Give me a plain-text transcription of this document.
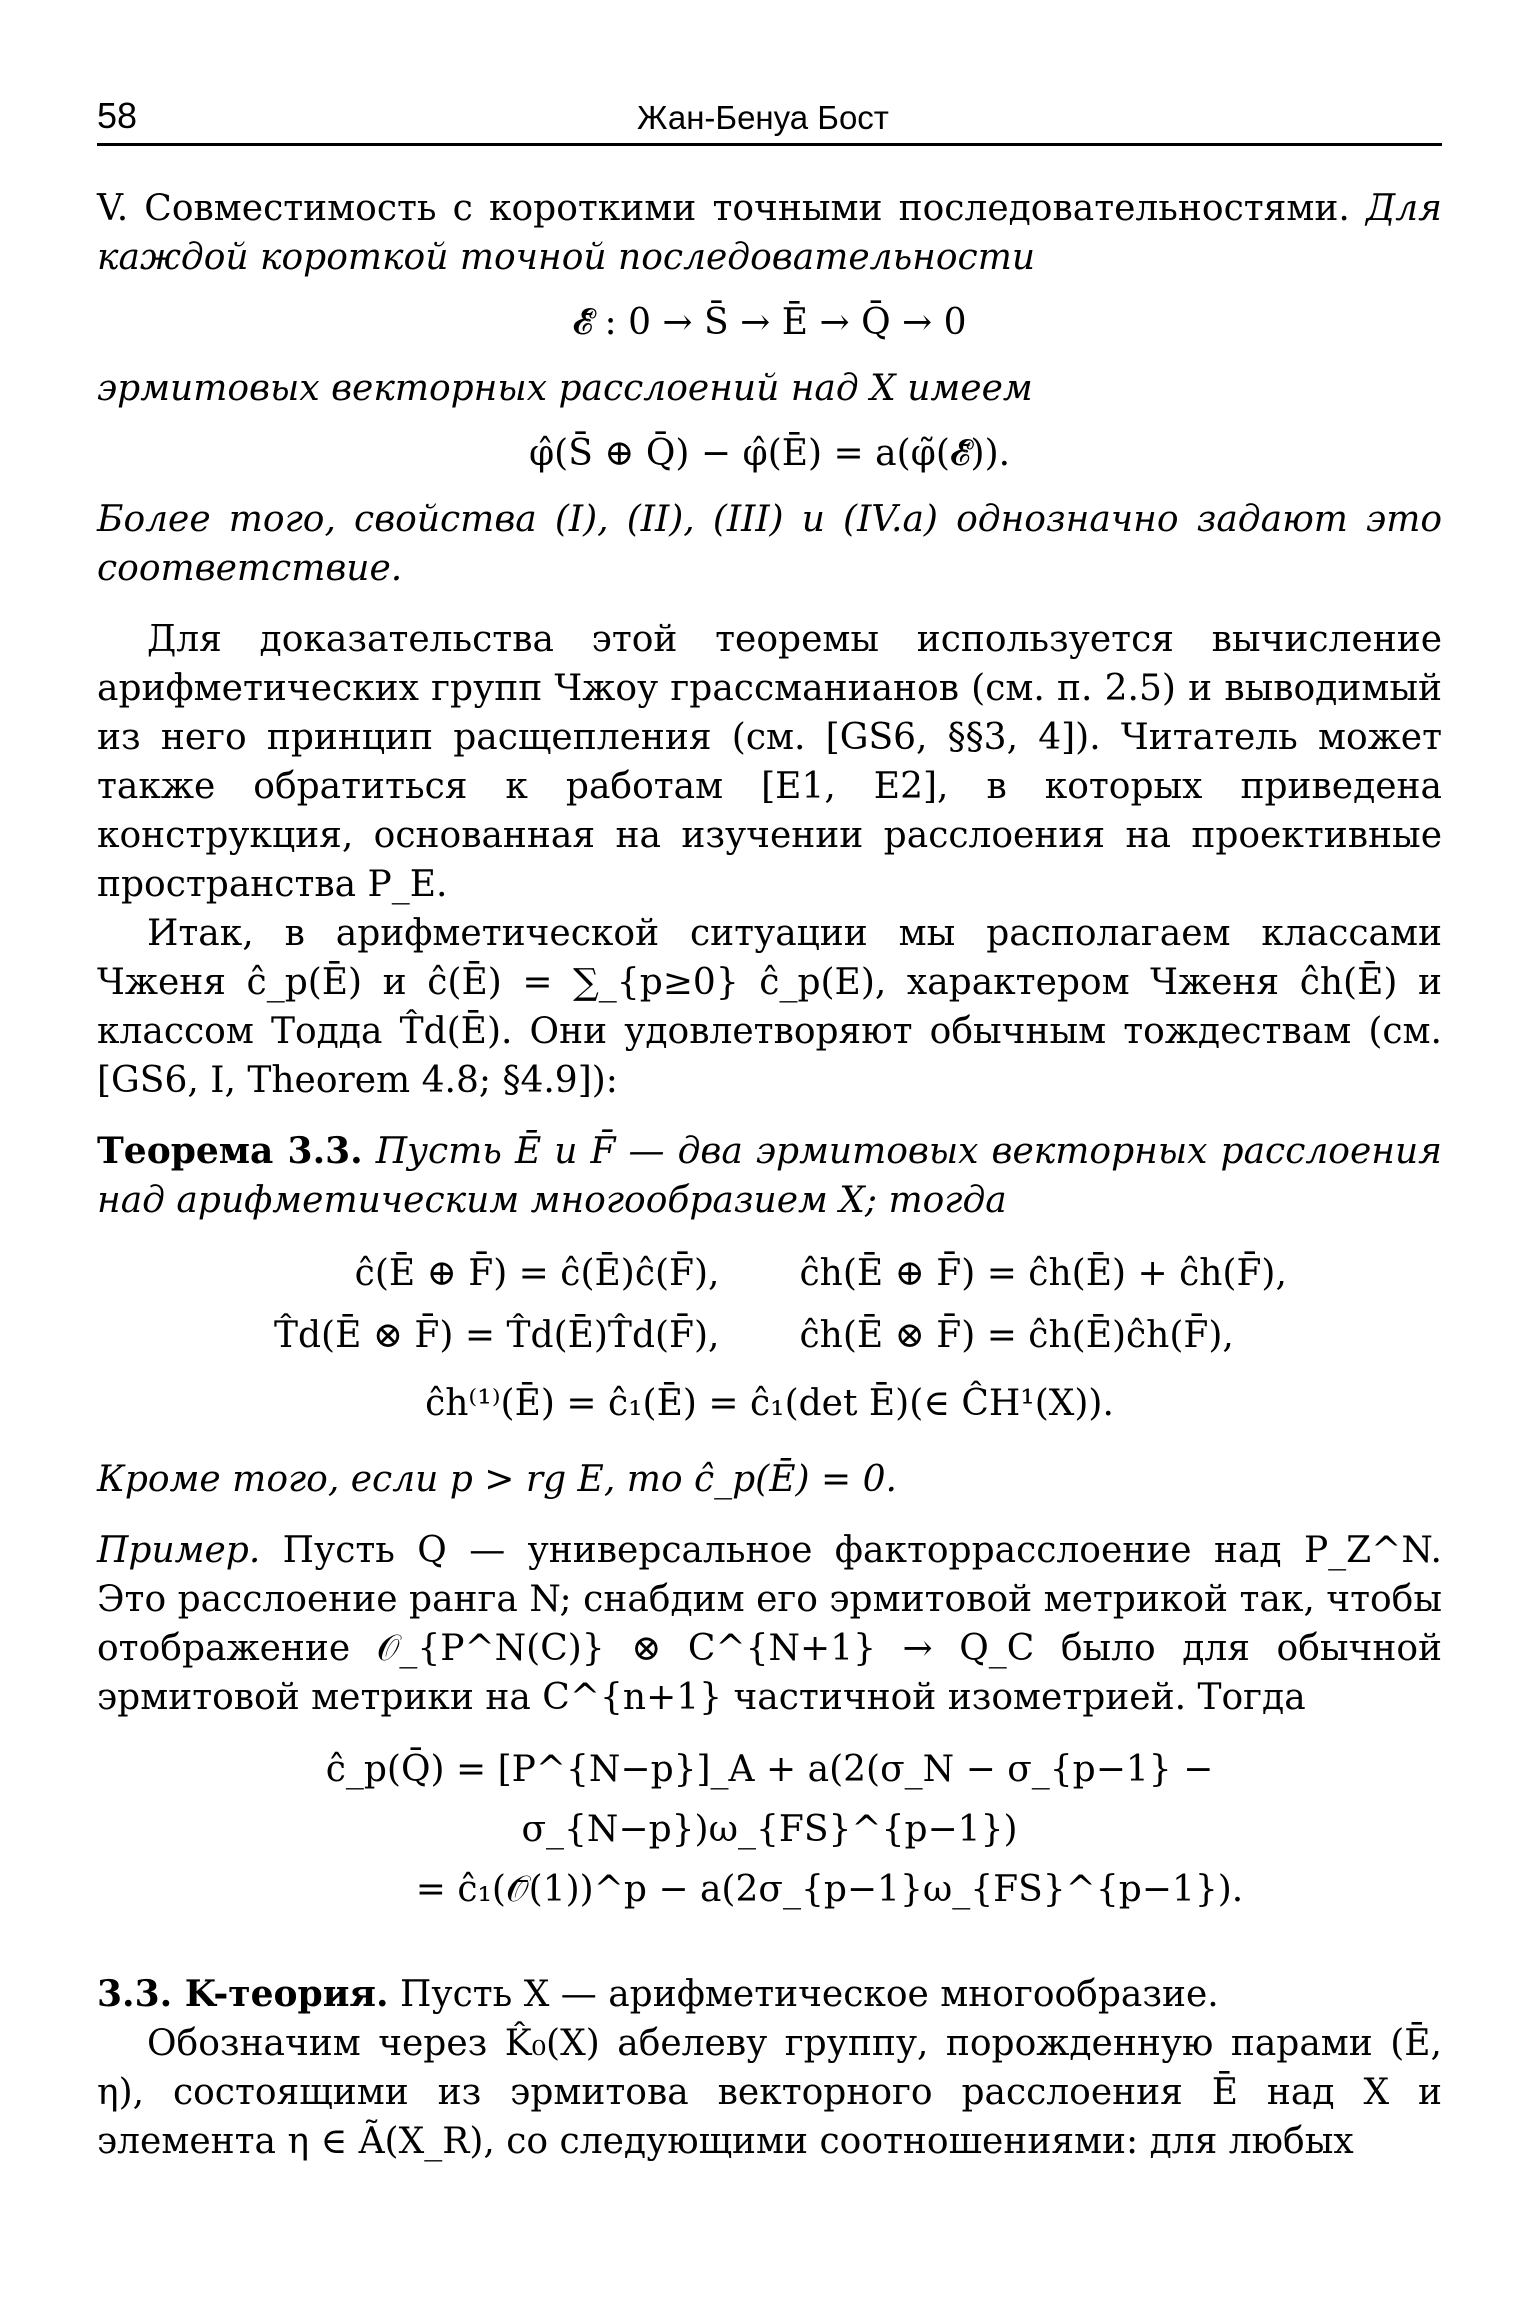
58	Жан-Бенуа Бост

V. Совместимость с короткими точными последовательностями. Для каждой короткой точной последовательности

𝓔̄ : 0 → S̄ → Ē → Q̄ → 0

эрмитовых векторных расслоений над X имеем

φ̂(S̄ ⊕ Q̄) − φ̂(Ē) = a(φ̃(𝓔̄)).

Более того, свойства (I), (II), (III) и (IV.a) однозначно задают это соответствие.

Для доказательства этой теоремы используется вычисление арифметических групп Чжоу грассманианов (см. п. 2.5) и выводимый из него принцип расщепления (см. [GS6, §§3, 4]). Читатель может также обратиться к работам [E1, E2], в которых приведена конструкция, основанная на изучении расслоения на проективные пространства P_E.

Итак, в арифметической ситуации мы располагаем классами Чженя ĉ_p(Ē) и ĉ(Ē) = ∑_{p≥0} ĉ_p(E), характером Чженя ĉh(Ē) и классом Тодда T̂d(Ē). Они удовлетворяют обычным тождествам (см. [GS6, I, Theorem 4.8; §4.9]):

Теорема 3.3. Пусть Ē и F̄ — два эрмитовых векторных расслоения над арифметическим многообразием X; тогда

ĉ(Ē ⊕ F̄) = ĉ(Ē)ĉ(F̄),	ĉh(Ē ⊕ F̄) = ĉh(Ē) + ĉh(F̄),
T̂d(Ē ⊗ F̄) = T̂d(Ē)T̂d(F̄),	ĉh(Ē ⊗ F̄) = ĉh(Ē)ĉh(F̄),
ĉh⁽¹⁾(Ē) = ĉ₁(Ē) = ĉ₁(det Ē)(∈ ĈH¹(X)).

Кроме того, если p > rg E, то ĉ_p(Ē) = 0.

Пример. Пусть Q — универсальное факторрасслоение над P_Z^N. Это расслоение ранга N; снабдим его эрмитовой метрикой так, чтобы отображение 𝒪_{P^N(C)} ⊗ C^{N+1} → Q_C было для обычной эрмитовой метрики на C^{n+1} частичной изометрией. Тогда

ĉ_p(Q̄) = [P^{N−p}]_A + a(2(σ_N − σ_{p−1} − σ_{N−p})ω_{FS}^{p−1})
= ĉ₁(𝒪̄(1))^p − a(2σ_{p−1}ω_{FS}^{p−1}).

3.3. K-теория. Пусть X — арифметическое многообразие.

Обозначим через K̂₀(X) абелеву группу, порожденную парами (Ē, η), состоящими из эрмитова векторного расслоения Ē над X и элемента η ∈ Ã(X_R), со следующими соотношениями: для любых
